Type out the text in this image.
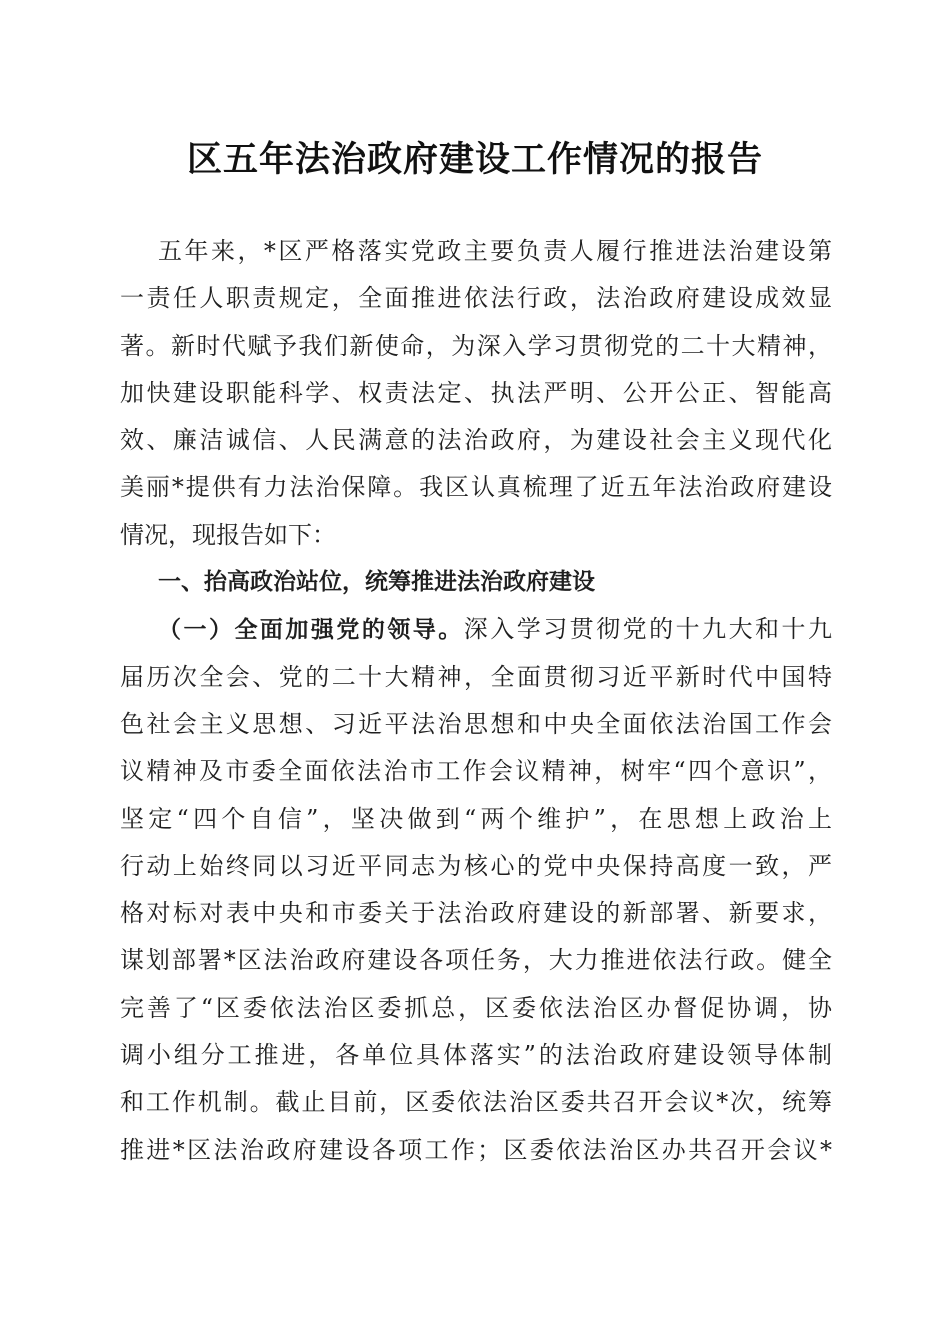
区五年法治政府建设工作情况的报告
五年来，*区严格落实党政主要负责人履行推进法治建设第
一责任人职责规定，全面推进依法行政，法治政府建设成效显
著。新时代赋予我们新使命，为深入学习贯彻党的二十大精神，
加快建设职能科学、权责法定、执法严明、公开公正、智能高
效、廉洁诚信、人民满意的法治政府，为建设社会主义现代化
美丽*提供有力法治保障。我区认真梳理了近五年法治政府建设
情况，现报告如下：
一、抬高政治站位，统筹推进法治政府建设
（一）全面加强党的领导。深入学习贯彻党的十九大和十九
届历次全会、党的二十大精神，全面贯彻习近平新时代中国特
色社会主义思想、习近平法治思想和中央全面依法治国工作会
议精神及市委全面依法治市工作会议精神，树牢“四个意识”，
坚定“四个自信”，坚决做到“两个维护”，在思想上政治上
行动上始终同以习近平同志为核心的党中央保持高度一致，严
格对标对表中央和市委关于法治政府建设的新部署、新要求，
谋划部署*区法治政府建设各项任务，大力推进依法行政。健全
完善了“区委依法治区委抓总，区委依法治区办督促协调，协
调小组分工推进，各单位具体落实”的法治政府建设领导体制
和工作机制。截止目前，区委依法治区委共召开会议*次，统筹
推进*区法治政府建设各项工作；区委依法治区办共召开会议*
